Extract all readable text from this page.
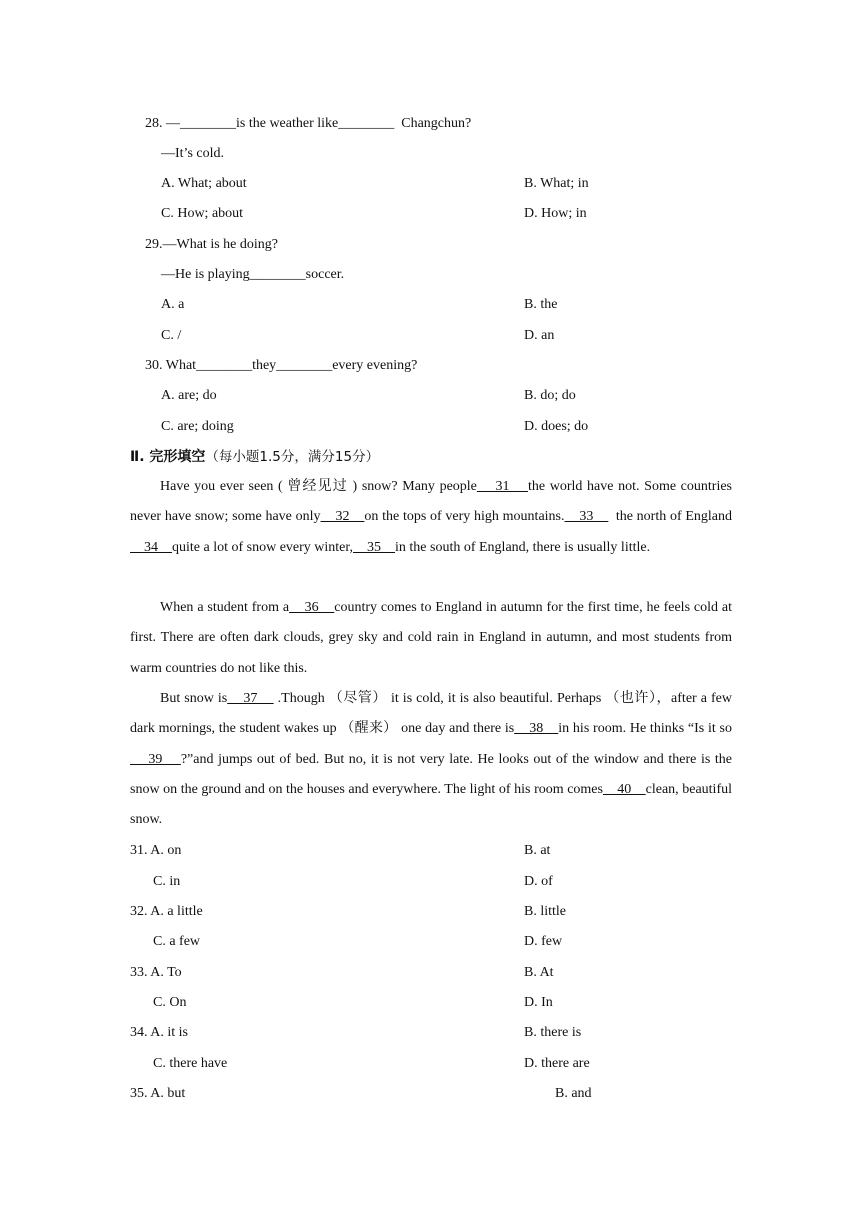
28. —________is the weather like________  Changchun?
—It’s cold.
A. What; about	B. What; in
C. How; about	D. How; in
29.—What is he doing?
—He is playing________soccer.
A. a	B. the
C. /	D. an
30. What________they________every evening?
A. are; do	B. do; do
C. are; doing	D. does; do
Ⅱ. 完形填空（每小题1.5分，满分15分）
Have you ever seen ( 曾经见过 ) snow? Many people    31    the world have not. Some countries never have snow; some have only    32    on the tops of very high mountains.    33      the north of England    34    quite a lot of snow every winter,    35    in the south of England, there is usually little.
When a student from a    36    country comes to England in autumn for the first time, he feels cold at first. There are often dark clouds, grey sky and cold rain in England in autumn, and most students from warm countries do not like this.
But snow is    37     .Though （尽管） it is cold, it is also beautiful. Perhaps （也许），after a few dark mornings, the student wakes up （醒来） one day and there is    38    in his room. He thinks “Is it so     39    ?”and jumps out of bed. But no, it is not very late. He looks out of the window and there is the snow on the ground and on the houses and everywhere. The light of his room comes    40    clean, beautiful snow.
31. A. on	B. at
C. in	D. of
32. A. a little	B. little
C. a few	D. few
33. A. To	B. At
C. On	D. In
34. A. it is	B. there is
C. there have	D. there are
35. A. but	B. and
